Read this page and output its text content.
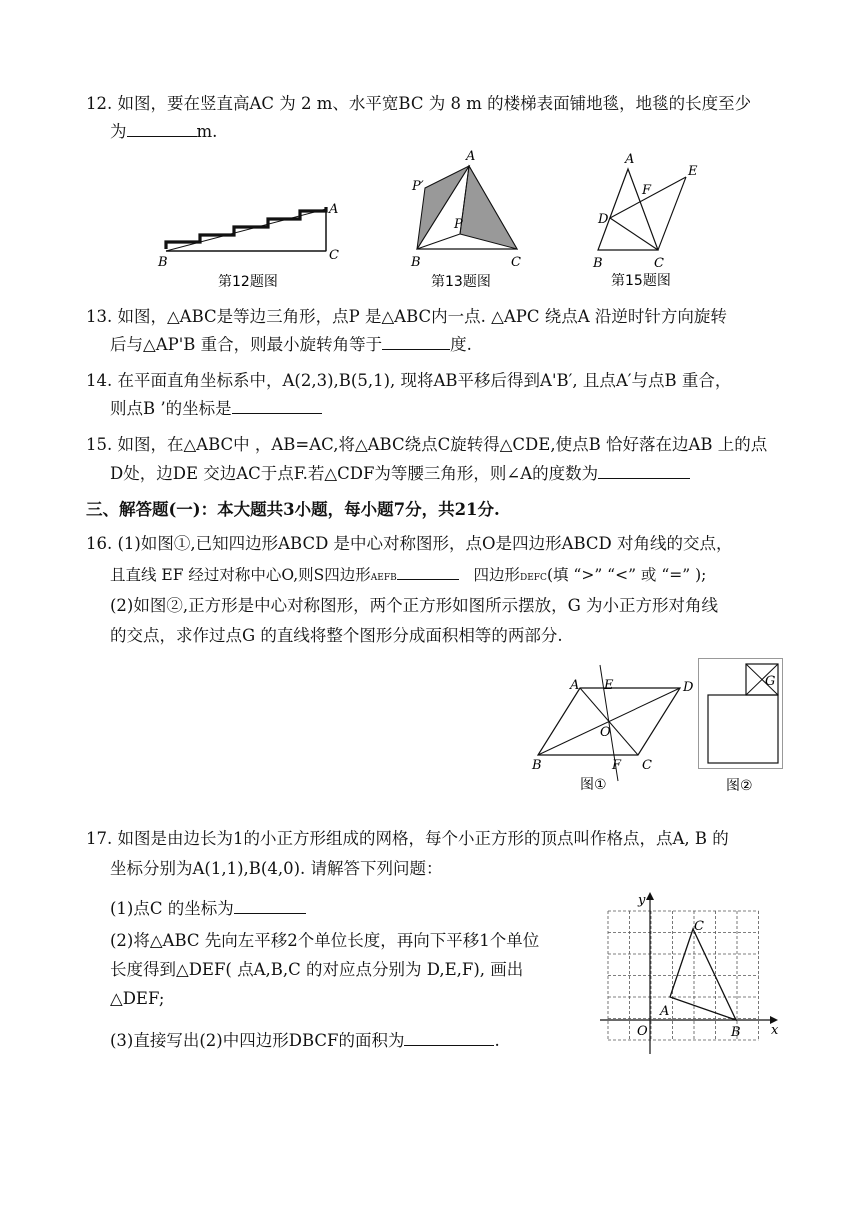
12. 如图，要在竖直高AC 为 2 m、水平宽BC 为 8 m 的楼梯表面铺地毯，地毯的长度至少
为	m.
A
C
B
第12题图
A
P′
P
B	C
第13题图
A
E
F
D
B	C
第15题图
13. 如图，△ABC是等边三角形，点P 是△ABC内一点. △APC 绕点A 沿逆时针方向旋转
后与△AP'B 重合，则最小旋转角等于	度.
14. 在平面直角坐标系中，A(2,3),B(5,1), 现将AB平移后得到A'B′, 且点A′与点B 重合，
则点B ’的坐标是
15. 如图，在△ABC中 ，AB=AC,将△ABC绕点C旋转得△CDE,使点B 恰好落在边AB 上的点
D处，边DE 交边AC于点F.若△CDF为等腰三角形，则∠A的度数为
三、解答题(一)：本大题共3小题，每小题7分，共21分.
16. (1)如图①,已知四边形ABCD 是中心对称图形，点O是四边形ABCD 对角线的交点，
且直线 EF 经过对称中心O,则S四边形AEFB	四边形DEFC(填 “>” “<” 或 “=” );
(2)如图②,正方形是中心对称图形，两个正方形如图所示摆放，G 为小正方形对角线
的交点，求作过点G 的直线将整个图形分成面积相等的两部分.
A E	D
O
B	F C
图①
G
图②
17. 如图是由边长为1的小正方形组成的网格，每个小正方形的顶点叫作格点，点A, B 的
坐标分别为A(1,1),B(4,0). 请解答下列问题：
(1)点C 的坐标为
(2)将△ABC 先向左平移2个单位长度，再向下平移1个单位
长度得到△DEF( 点A,B,C 的对应点分别为 D,E,F), 画出
△DEF;
(3)直接写出(2)中四边形DBCF的面积为	.
y
x
O
A
B
C
